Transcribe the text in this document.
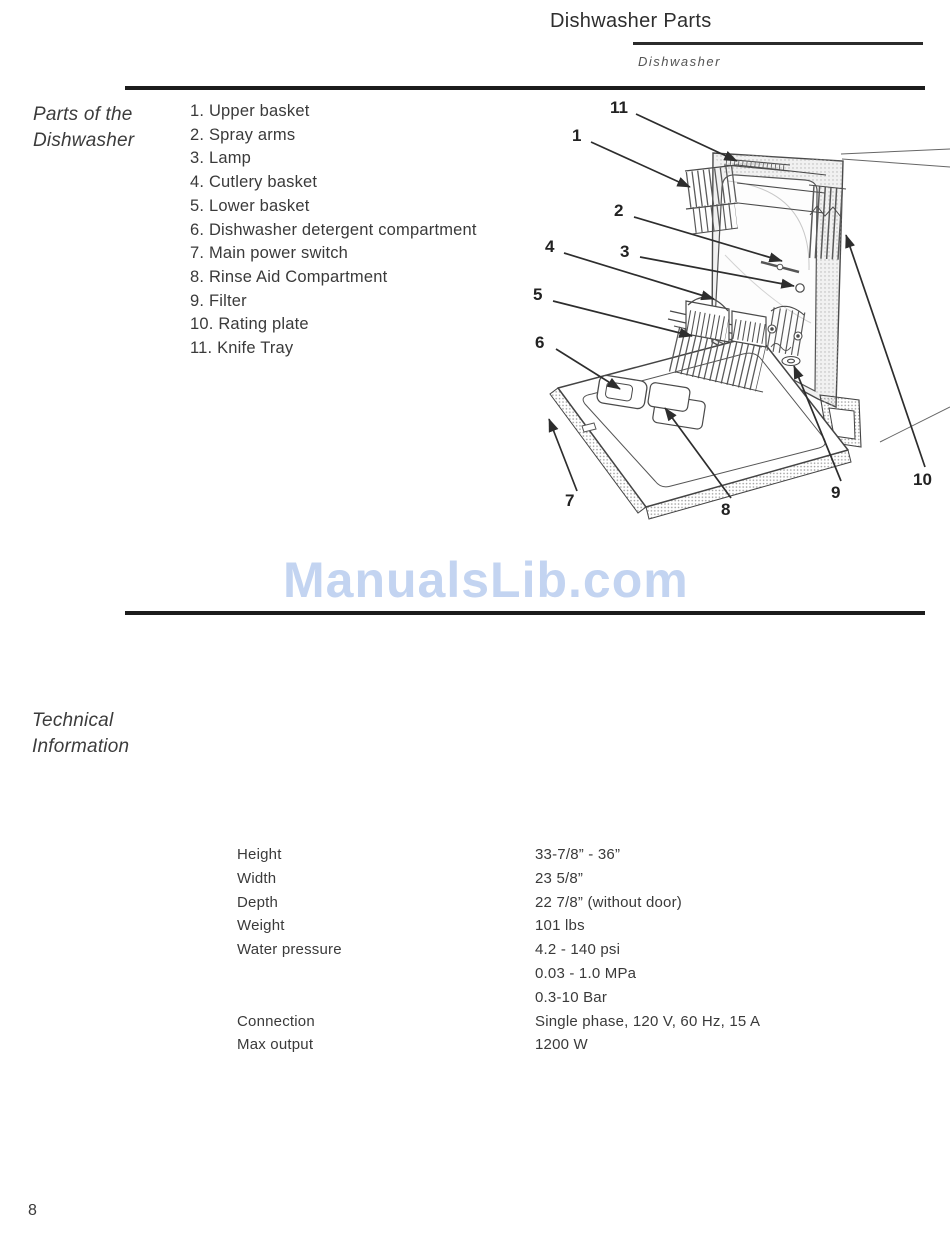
Dishwasher Parts
Dishwasher
Parts of the Dishwasher
1. Upper basket
2. Spray arms
3. Lamp
4. Cutlery basket
5. Lower basket
6. Dishwasher detergent compartment
7. Main power switch
8. Rinse Aid Compartment
9. Filter
10. Rating plate
11. Knife Tray
1
2
3
4
5
6
7	8
9
10
11
ManualsLib.com
Technical Information
Height	33-7/8” - 36”
Width	23 5/8”
Depth	22 7/8” (without door)
Weight	101 lbs
Water pressure	4.2 - 140 psi
0.03 - 1.0 MPa
0.3-10 Bar
Connection	Single phase, 120 V, 60 Hz, 15 A
Max output	1200 W
8
